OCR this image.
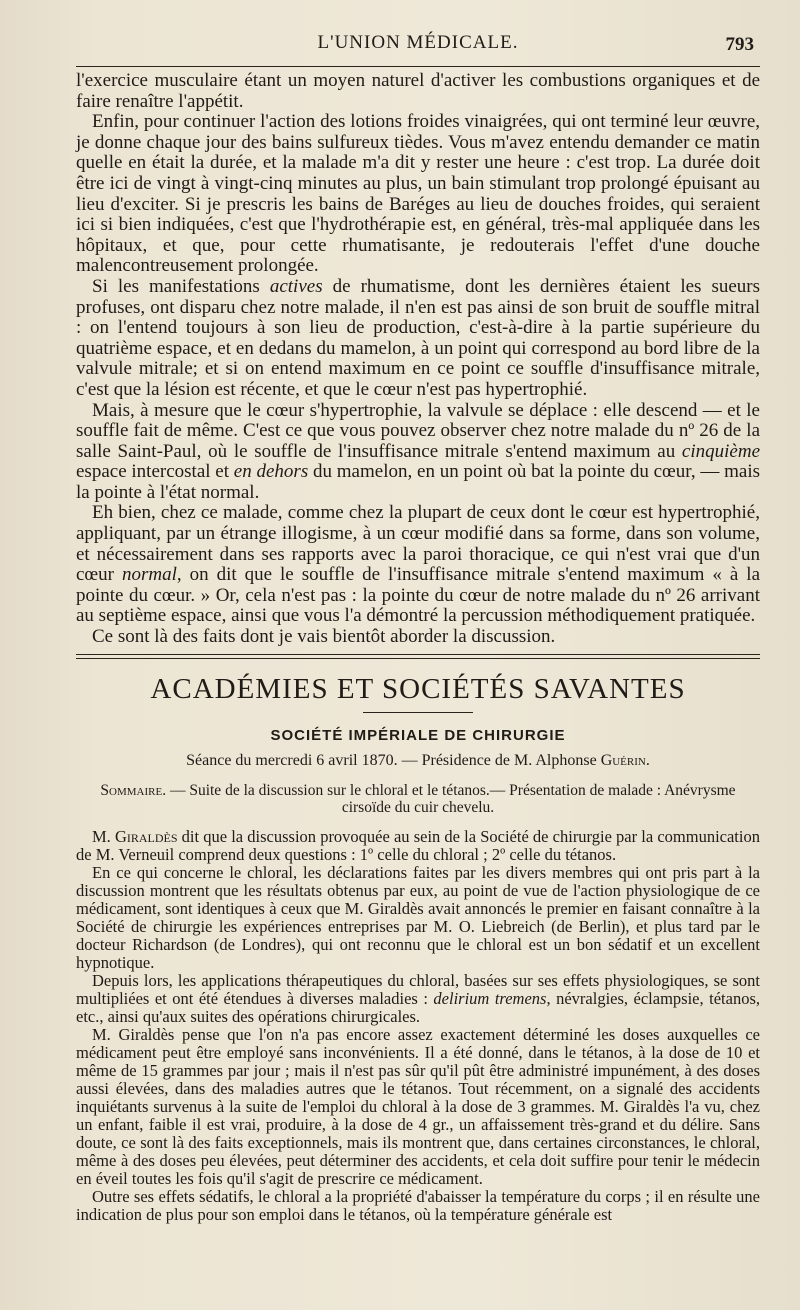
L'UNION MÉDICALE.	793

l'exercice musculaire étant un moyen naturel d'activer les combustions organiques et de faire renaître l'appétit.

Enfin, pour continuer l'action des lotions froides vinaigrées, qui ont terminé leur œuvre, je donne chaque jour des bains sulfureux tièdes. Vous m'avez entendu demander ce matin quelle en était la durée, et la malade m'a dit y rester une heure : c'est trop. La durée doit être ici de vingt à vingt-cinq minutes au plus, un bain stimulant trop prolongé épuisant au lieu d'exciter. Si je prescris les bains de Baréges au lieu de douches froides, qui seraient ici si bien indiquées, c'est que l'hydrothérapie est, en général, très-mal appliquée dans les hôpitaux, et que, pour cette rhumatisante, je redouterais l'effet d'une douche malencontreusement prolongée.

Si les manifestations actives de rhumatisme, dont les dernières étaient les sueurs profuses, ont disparu chez notre malade, il n'en est pas ainsi de son bruit de souffle mitral : on l'entend toujours à son lieu de production, c'est-à-dire à la partie supérieure du quatrième espace, et en dedans du mamelon, à un point qui correspond au bord libre de la valvule mitrale; et si on entend maximum en ce point ce souffle d'insuffisance mitrale, c'est que la lésion est récente, et que le cœur n'est pas hypertrophié.

Mais, à mesure que le cœur s'hypertrophie, la valvule se déplace : elle descend — et le souffle fait de même. C'est ce que vous pouvez observer chez notre malade du nº 26 de la salle Saint-Paul, où le souffle de l'insuffisance mitrale s'entend maximum au cinquième espace intercostal et en dehors du mamelon, en un point où bat la pointe du cœur, — mais la pointe à l'état normal.

Eh bien, chez ce malade, comme chez la plupart de ceux dont le cœur est hypertrophié, appliquant, par un étrange illogisme, à un cœur modifié dans sa forme, dans son volume, et nécessairement dans ses rapports avec la paroi thoracique, ce qui n'est vrai que d'un cœur normal, on dit que le souffle de l'insuffisance mitrale s'entend maximum « à la pointe du cœur. » Or, cela n'est pas : la pointe du cœur de notre malade du nº 26 arrivant au septième espace, ainsi que vous l'a démontré la percussion méthodiquement pratiquée.

Ce sont là des faits dont je vais bientôt aborder la discussion.

ACADÉMIES ET SOCIÉTÉS SAVANTES
SOCIÉTÉ IMPÉRIALE DE CHIRURGIE
Séance du mercredi 6 avril 1870. — Présidence de M. Alphonse Guérin.
Sommaire. — Suite de la discussion sur le chloral et le tétanos.— Présentation de malade : Anévrysme cirsoïde du cuir chevelu.

M. Giraldès dit que la discussion provoquée au sein de la Société de chirurgie par la communication de M. Verneuil comprend deux questions : 1º celle du chloral ; 2º celle du tétanos.

En ce qui concerne le chloral, les déclarations faites par les divers membres qui ont pris part à la discussion montrent que les résultats obtenus par eux, au point de vue de l'action physiologique de ce médicament, sont identiques à ceux que M. Giraldès avait annoncés le premier en faisant connaître à la Société de chirurgie les expériences entreprises par M. O. Liebreich (de Berlin), et plus tard par le docteur Richardson (de Londres), qui ont reconnu que le chloral est un bon sédatif et un excellent hypnotique.

Depuis lors, les applications thérapeutiques du chloral, basées sur ses effets physiologiques, se sont multipliées et ont été étendues à diverses maladies : delirium tremens, névralgies, éclampsie, tétanos, etc., ainsi qu'aux suites des opérations chirurgicales.

M. Giraldès pense que l'on n'a pas encore assez exactement déterminé les doses auxquelles ce médicament peut être employé sans inconvénients. Il a été donné, dans le tétanos, à la dose de 10 et même de 15 grammes par jour ; mais il n'est pas sûr qu'il pût être administré impunément, à des doses aussi élevées, dans des maladies autres que le tétanos. Tout récemment, on a signalé des accidents inquiétants survenus à la suite de l'emploi du chloral à la dose de 3 grammes. M. Giraldès l'a vu, chez un enfant, faible il est vrai, produire, à la dose de 4 gr., un affaissement très-grand et du délire. Sans doute, ce sont là des faits exceptionnels, mais ils montrent que, dans certaines circonstances, le chloral, même à des doses peu élevées, peut déterminer des accidents, et cela doit suffire pour tenir le médecin en éveil toutes les fois qu'il s'agit de prescrire ce médicament.

Outre ses effets sédatifs, le chloral a la propriété d'abaisser la température du corps ; il en résulte une indication de plus pour son emploi dans le tétanos, où la température générale est
